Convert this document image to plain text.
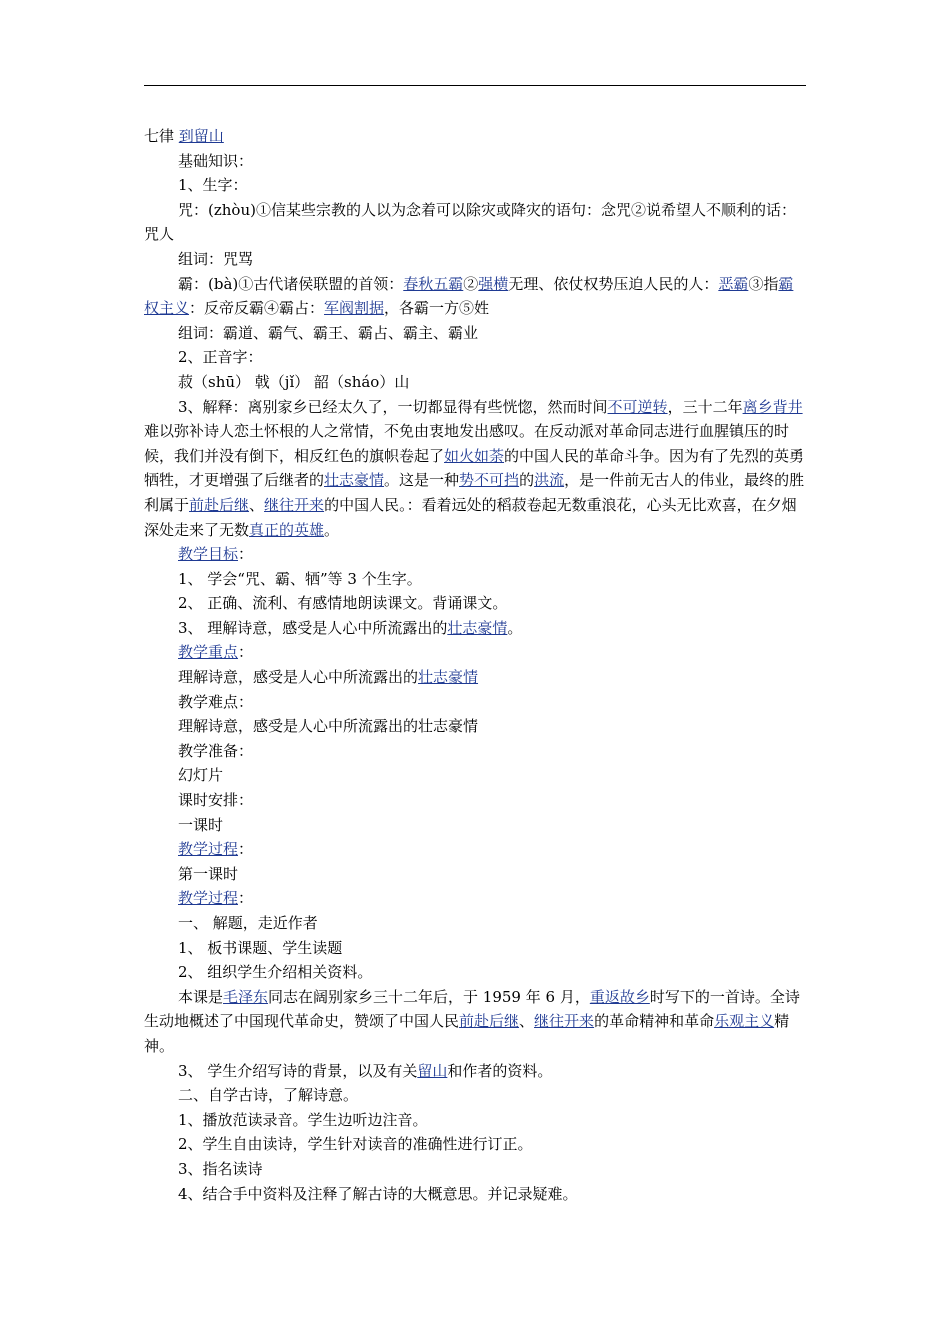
七律 到留山

基础知识：

1、生字：

咒：(zhòu)①信某些宗教的人以为念着可以除灾或降灾的语句：念咒②说希望人不顺利的话：咒人

组词：咒骂

霸：(bà)①古代诸侯联盟的首领：春秋五霸②强横无理、依仗权势压迫人民的人：恶霸③指霸权主义：反帝反霸④霸占：军阀割据，各霸一方⑤姓

组词：霸道、霸气、霸王、霸占、霸主、霸业

2、正音字：

菽（shū） 戟（jǐ） 韶（sháo）山

3、解释：离别家乡已经太久了，一切都显得有些恍惚，然而时间不可逆转，三十二年离乡背井难以弥补诗人恋土怀根的人之常情，不免由衷地发出感叹。在反动派对革命同志进行血腥镇压的时候，我们并没有倒下，相反红色的旗帜卷起了如火如荼的中国人民的革命斗争。因为有了先烈的英勇牺牲，才更增强了后继者的壮志豪情。这是一种势不可挡的洪流，是一件前无古人的伟业，最终的胜利属于前赴后继、继往开来的中国人民。：看着远处的稻菽卷起无数重浪花，心头无比欢喜，在夕烟深处走来了无数真正的英雄。

教学目标：

1、 学会“咒、霸、牺”等 3 个生字。

2、 正确、流利、有感情地朗读课文。背诵课文。

3、 理解诗意，感受是人心中所流露出的壮志豪情。

教学重点：

理解诗意，感受是人心中所流露出的壮志豪情

教学难点：

理解诗意，感受是人心中所流露出的壮志豪情

教学准备：

幻灯片

课时安排：

一课时

教学过程：

第一课时

教学过程：

一、 解题，走近作者

1、 板书课题、学生读题

2、 组织学生介绍相关资料。

本课是毛泽东同志在阔别家乡三十二年后，于 1959 年 6 月，重返故乡时写下的一首诗。全诗生动地概述了中国现代革命史，赞颂了中国人民前赴后继、继往开来的革命精神和革命乐观主义精神。

3、 学生介绍写诗的背景，以及有关留山和作者的资料。

二、自学古诗，了解诗意。

1、播放范读录音。学生边听边注音。

2、学生自由读诗，学生针对读音的准确性进行订正。

3、指名读诗

4、结合手中资料及注释了解古诗的大概意思。并记录疑难。
